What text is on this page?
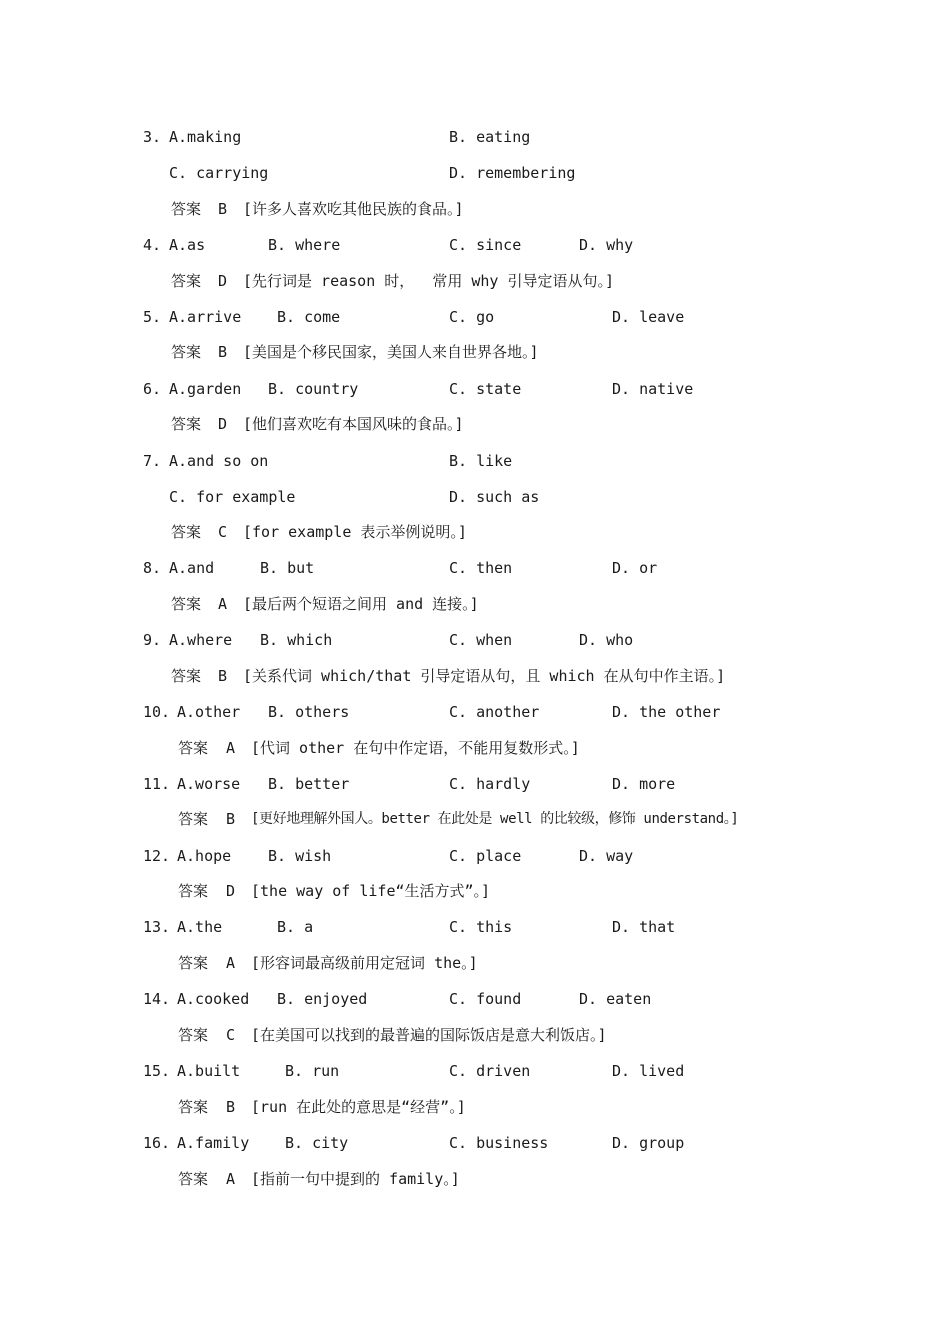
3. A.making	B. eating
C. carrying	D. remembering
答案 B [许多人喜欢吃其他民族的食品。]
4. A.as	B. where	C. since	D. why
答案 D [先行词是 reason 时，  常用 why 引导定语从句。]
5. A.arrive B. come	C. go	D. leave
答案 B [美国是个移民国家，美国人来自世界各地。]
6. A.garden B. country	C. state	D. native
答案 D [他们喜欢吃有本国风味的食品。]
7. A.and so on	B. like
C. for example	D. such as
答案 C [for example 表示举例说明。]
8. A.and	B. but	C. then	D. or
答案 A [最后两个短语之间用 and 连接。]
9. A.where B. which	C. when	D. who
答案 B [关系代词 which/that 引导定语从句，且 which 在从句中作主语。]
10. A.other B. others	C. another	D. the other
答案 A [代词 other 在句中作定语，不能用复数形式。]
11. A.worse B. better	C. hardly	D. more
答案 B [更好地理解外国人。better 在此处是 well 的比较级，修饰 understand。]
12. A.hope B. wish	C. place	D. way
答案 D [the way of life“生活方式”。]
13. A.the	B. a	C. this	D. that
答案 A [形容词最高级前用定冠词 the。]
14. A.cooked B. enjoyed	C. found	D. eaten
答案 C [在美国可以找到的最普遍的国际饭店是意大利饭店。]
15. A.built	B. run	C. driven	D. lived
答案 B [run 在此处的意思是“经营”。]
16. A.family B. city	C. business	D. group
答案 A [指前一句中提到的 family。]
